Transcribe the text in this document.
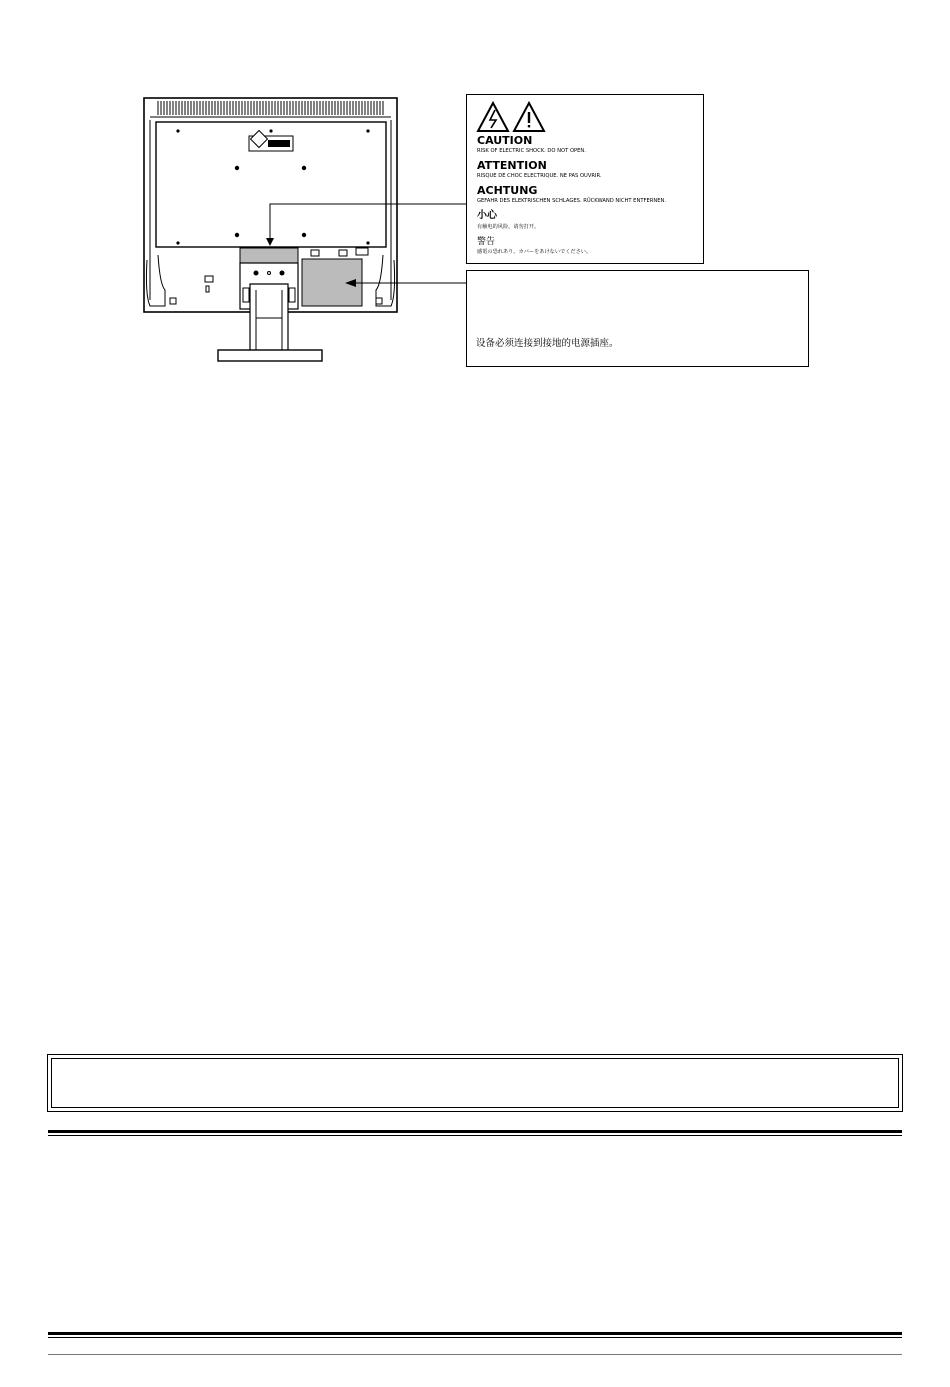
CAUTION
RISK OF ELECTRIC SHOCK. DO NOT OPEN.
ATTENTION
RISQUE DE CHOC ELECTRIQUE. NE PAS OUVRIR.
ACHTUNG
GEFAHR DES ELEKTRISCHEN SCHLAGES. RÜCKWAND NICHT ENTFERNEN.
小心
有触电的风险。请勿打开。
警告
感電の恐れあり。カバーをあけないでください。
设备必须连接到接地的电源插座。
